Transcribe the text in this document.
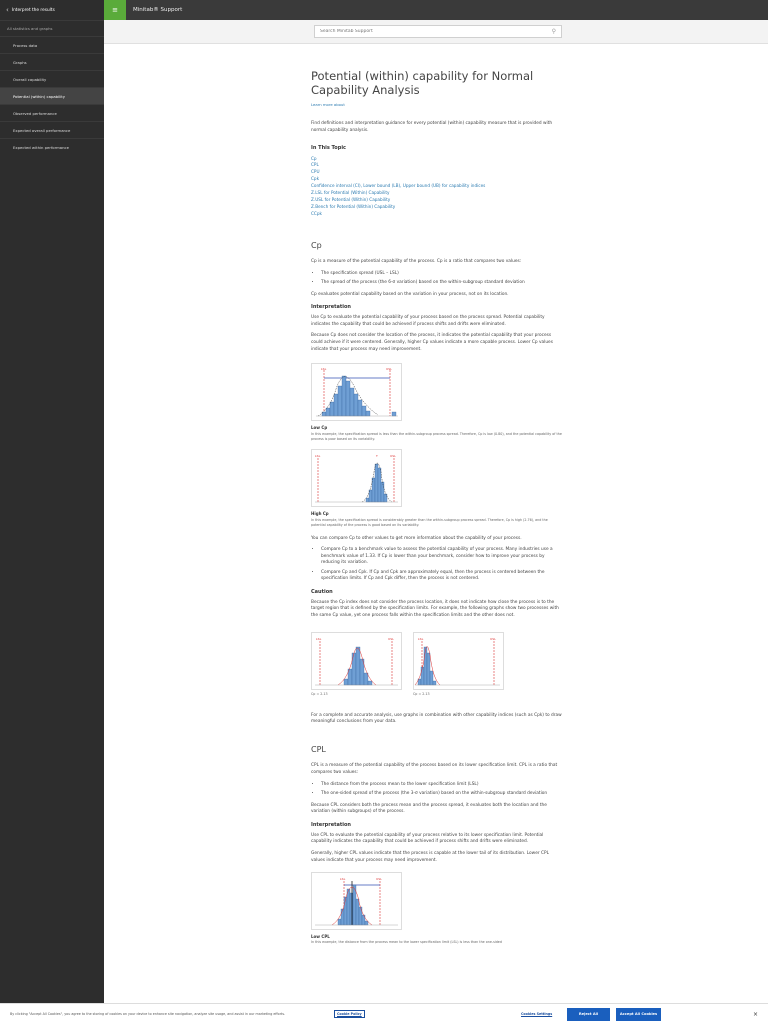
‹ Interpret the results
All statistics and graphs
Process data
Graphs
Overall capability
Potential (within) capability
Observed performance
Expected overall performance
Expected within performance
≡	Minitab® Support
Search Minitab Support
⚲
Potential (within) capability for Normal Capability Analysis
Learn more about

Find definitions and interpretation guidance for every potential (within) capability measure that is provided with normal capability analysis.

In This Topic
Cp
CPL
CPU
Cpk
Confidence interval (CI), Lower bound (LB), Upper bound (UB) for capability indices
Z.LSL for Potential (Within) Capability
Z.USL for Potential (Within) Capability
Z.Bench for Potential (Within) Capability
CCpk
Cp

Cp is a measure of the potential capability of the process. Cp is a ratio that compares two values:

• The specification spread (USL – LSL)
• The spread of the process (the 6-σ variation) based on the within-subgroup standard deviation

Cp evaluates potential capability based on the variation in your process, not on its location.

Interpretation

Use Cp to evaluate the potential capability of your process based on the process spread. Potential capability indicates the capability that could be achieved if process shifts and drifts were eliminated.

Because Cp does not consider the location of the process, it indicates the potential capability that your process could achieve if it were centered. Generally, higher Cp values indicate a more capable process. Lower Cp values indicate that your process may need improvement.

LSL	USL
Low Cp
In this example, the specification spread is less than the within-subgroup process spread. Therefore, Cp is low (0.80), and the potential capability of the process is poor based on its variability.
LSL	USL
T
High Cp
In this example, the specification spread is considerably greater than the within-subgroup process spread. Therefore, Cp is high (2.76), and the potential capability of the process is good based on its variability.

You can compare Cp to other values to get more information about the capability of your process.

• Compare Cp to a benchmark value to assess the potential capability of your process. Many industries use a benchmark value of 1.33. If Cp is lower than your benchmark, consider how to improve your process by reducing its variation.
• Compare Cp and Cpk. If Cp and Cpk are approximately equal, then the process is centered between the specification limits. If Cp and Cpk differ, then the process is not centered.
Caution

Because the Cp index does not consider the process location, it does not indicate how close the process is to the target region that is defined by the specification limits. For example, the following graphs show two processes with the same Cp value, yet one process falls within the specification limits and the other does not.

LSL	USL
Cp = 2.13
LSL	USL
Cp = 2.13

For a complete and accurate analysis, use graphs in combination with other capability indices (such as Cpk) to draw meaningful conclusions from your data.

CPL

CPL is a measure of the potential capability of the process based on its lower specification limit. CPL is a ratio that compares two values:

• The distance from the process mean to the lower specification limit (LSL)
• The one-sided spread of the process (the 3-σ variation) based on the within-subgroup standard deviation

Because CPL considers both the process mean and the process spread, it evaluates both the location and the variation (within subgroups) of the process.

Interpretation

Use CPL to evaluate the potential capability of your process relative to its lower specification limit. Potential capability indicates the capability that could be achieved if process shifts and drifts were eliminated.

Generally, higher CPL values indicate that the process is capable at the lower tail of its distribution. Lower CPL values indicate that your process may need improvement.

LSL	USL
Low CPL
In this example, the distance from the process mean to the lower specification limit (LSL) is less than the one-sided
By clicking "Accept All Cookies", you agree to the storing of cookies on your device to enhance site navigation, analyze site usage, and assist in our marketing efforts.	Cookie Policy	Cookies Settings	Reject All	Accept All Cookies	×
